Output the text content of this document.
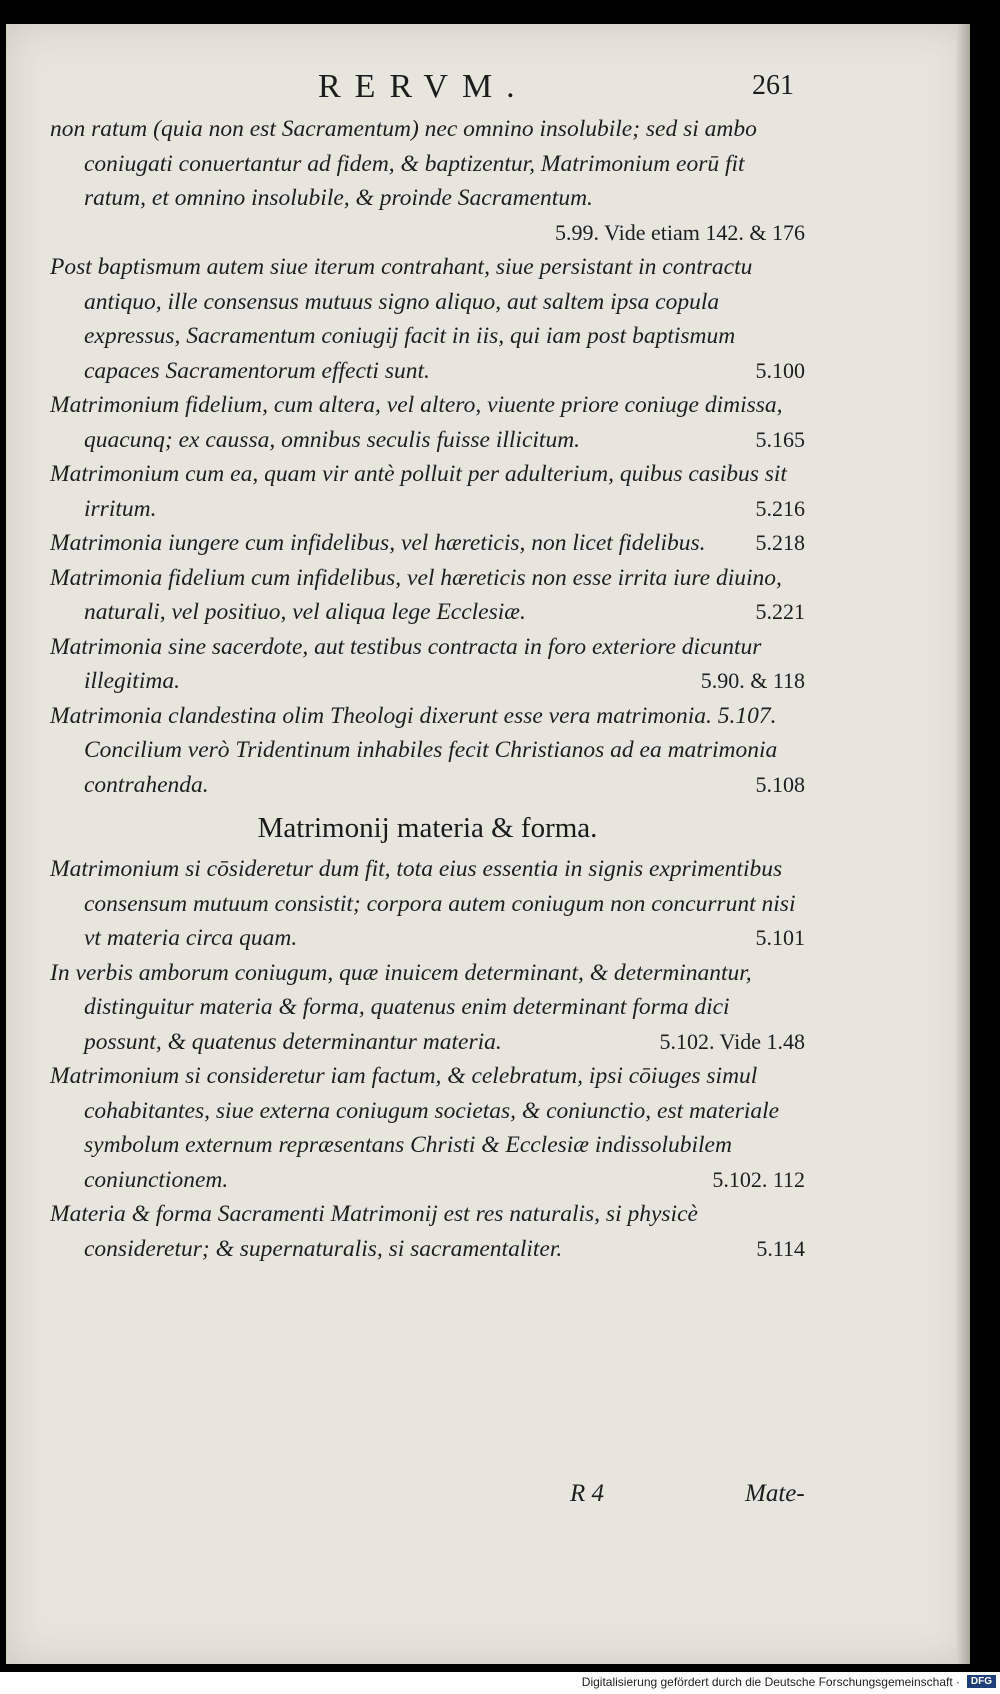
RERVM.	261

non ratum (quia non est Sacramentum) nec omnino insolubile; sed si ambo coniugati conuertantur ad fidem, & baptizentur, Matrimonium eorū fit ratum, et omnino insolubile, & proinde Sacramentum.
5.99. Vide etiam 142. & 176

Post baptismum autem siue iterum contrahant, siue persistant in contractu antiquo, ille consensus mutuus signo aliquo, aut saltem ipsa copula expressus, Sacramentum coniugij facit in iis, qui iam post baptismum capaces Sacramentorum effecti sunt.	5.100

Matrimonium fidelium, cum altera, vel altero, viuente priore coniuge dimissa, quacunq; ex caussa, omnibus seculis fuisse illicitum.	5.165

Matrimonium cum ea, quam vir antè polluit per adulterium, quibus casibus sit irritum.	5.216

Matrimonia iungere cum infidelibus, vel hæreticis, non licet fidelibus. 5.218

Matrimonia fidelium cum infidelibus, vel hæreticis non esse irrita iure diuino, naturali, vel positiuo, vel aliqua lege Ecclesiæ.	5.221

Matrimonia sine sacerdote, aut testibus contracta in foro exteriore dicuntur illegitima.	5.90. & 118

Matrimonia clandestina olim Theologi dixerunt esse vera matrimonia. 5.107. Concilium verò Tridentinum inhabiles fecit Christianos ad ea matrimonia contrahenda.	5.108

Matrimonij materia & forma.

Matrimonium si cōsideretur dum fit, tota eius essentia in signis exprimentibus consensum mutuum consistit; corpora autem coniugum non concurrunt nisi vt materia circa quam.	5.101

In verbis amborum coniugum, quæ inuicem determinant, & determinantur, distinguitur materia & forma, quatenus enim determinant forma dici possunt, & quatenus determinantur materia.	5.102. Vide 1.48

Matrimonium si consideretur iam factum, & celebratum, ipsi cōiuges simul cohabitantes, siue externa coniugum societas, & coniunctio, est materiale symbolum externum repræsentans Christi & Ecclesiæ indissolubilem coniunctionem.	5.102. 112

Materia & forma Sacramenti Matrimonij est res naturalis, si physicè consideretur; & supernaturalis, si sacramentaliter.	5.114

R 4	Mate-
Digitalisierung gefördert durch die Deutsche Forschungsgemeinschaft ·	DFG
